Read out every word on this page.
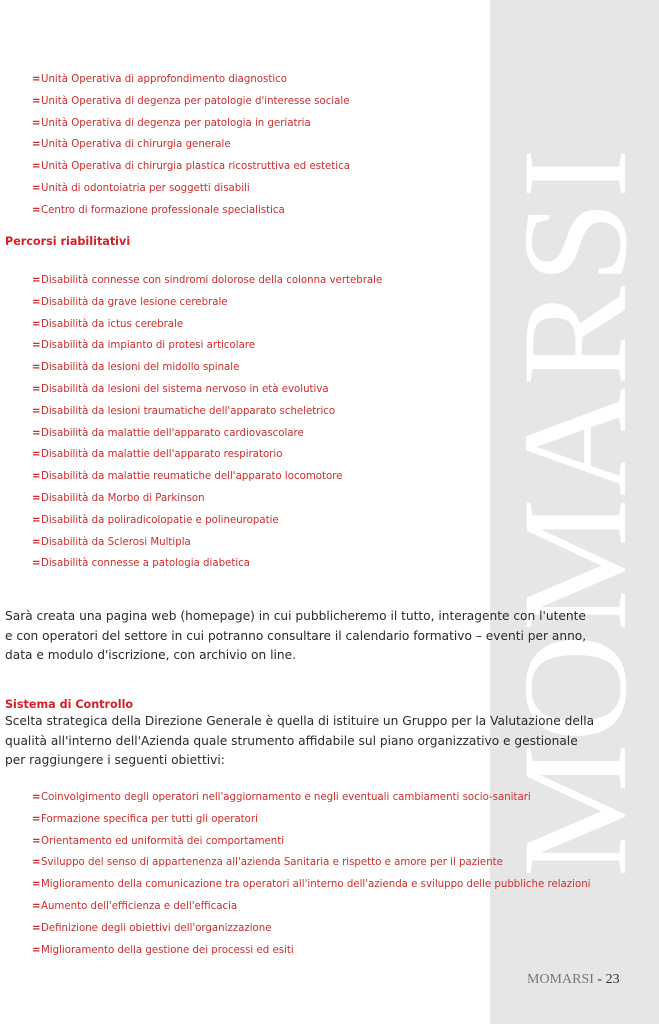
MOMARSI
=Unità Operativa di approfondimento diagnostico
=Unità Operativa di degenza per patologie d'interesse sociale
=Unità Operativa di degenza per patologia in geriatria
=Unità Operativa di chirurgia generale
=Unità Operativa di chirurgia plastica ricostruttiva ed estetica
=Unità di odontoiatria per soggetti disabili
=Centro di formazione professionale specialistica
Percorsi riabilitativi
=Disabilità connesse con sindromi dolorose della colonna vertebrale
=Disabilità da grave lesione cerebrale
=Disabilità da ictus cerebrale
=Disabilità da impianto di protesi articolare
=Disabilità da lesioni del midollo spinale
=Disabilità da lesioni del sistema nervoso in età evolutiva
=Disabilità da lesioni traumatiche dell'apparato scheletrico
=Disabilità da malattie dell'apparato cardiovascolare
=Disabilità da malattie dell'apparato respiratorio
=Disabilità da malattie reumatiche dell'apparato locomotore
=Disabilità da Morbo di Parkinson
=Disabilità da poliradicolopatie e polineuropatie
=Disabilità da Sclerosi Multipla
=Disabilità connesse a patologia diabetica

Sarà creata una pagina web (homepage) in cui pubblicheremo il tutto, interagente con l'utente e con operatori del settore in cui potranno consultare il calendario formativo – eventi per anno, data e modulo d'iscrizione, con archivio on line.

Sistema di Controllo

Scelta strategica della Direzione Generale è quella di istituire un Gruppo per la Valutazione della qualità all'interno dell'Azienda quale strumento affidabile sul piano organizzativo e gestionale per raggiungere i seguenti obiettivi:

=Coinvolgimento degli operatori nell'aggiornamento e negli eventuali cambiamenti socio-sanitari
=Formazione specifica per tutti gli operatori
=Orientamento ed uniformità dei comportamenti
=Sviluppo del senso di appartenenza all'azienda Sanitaria e rispetto e amore per il paziente
=Miglioramento della comunicazione tra operatori all'interno dell'azienda e sviluppo delle pubbliche relazioni
=Aumento dell'efficienza e dell'efficacia
=Definizione degli obiettivi dell'organizzazione
=Miglioramento della gestione dei processi ed esiti
MOMARSI - 23
